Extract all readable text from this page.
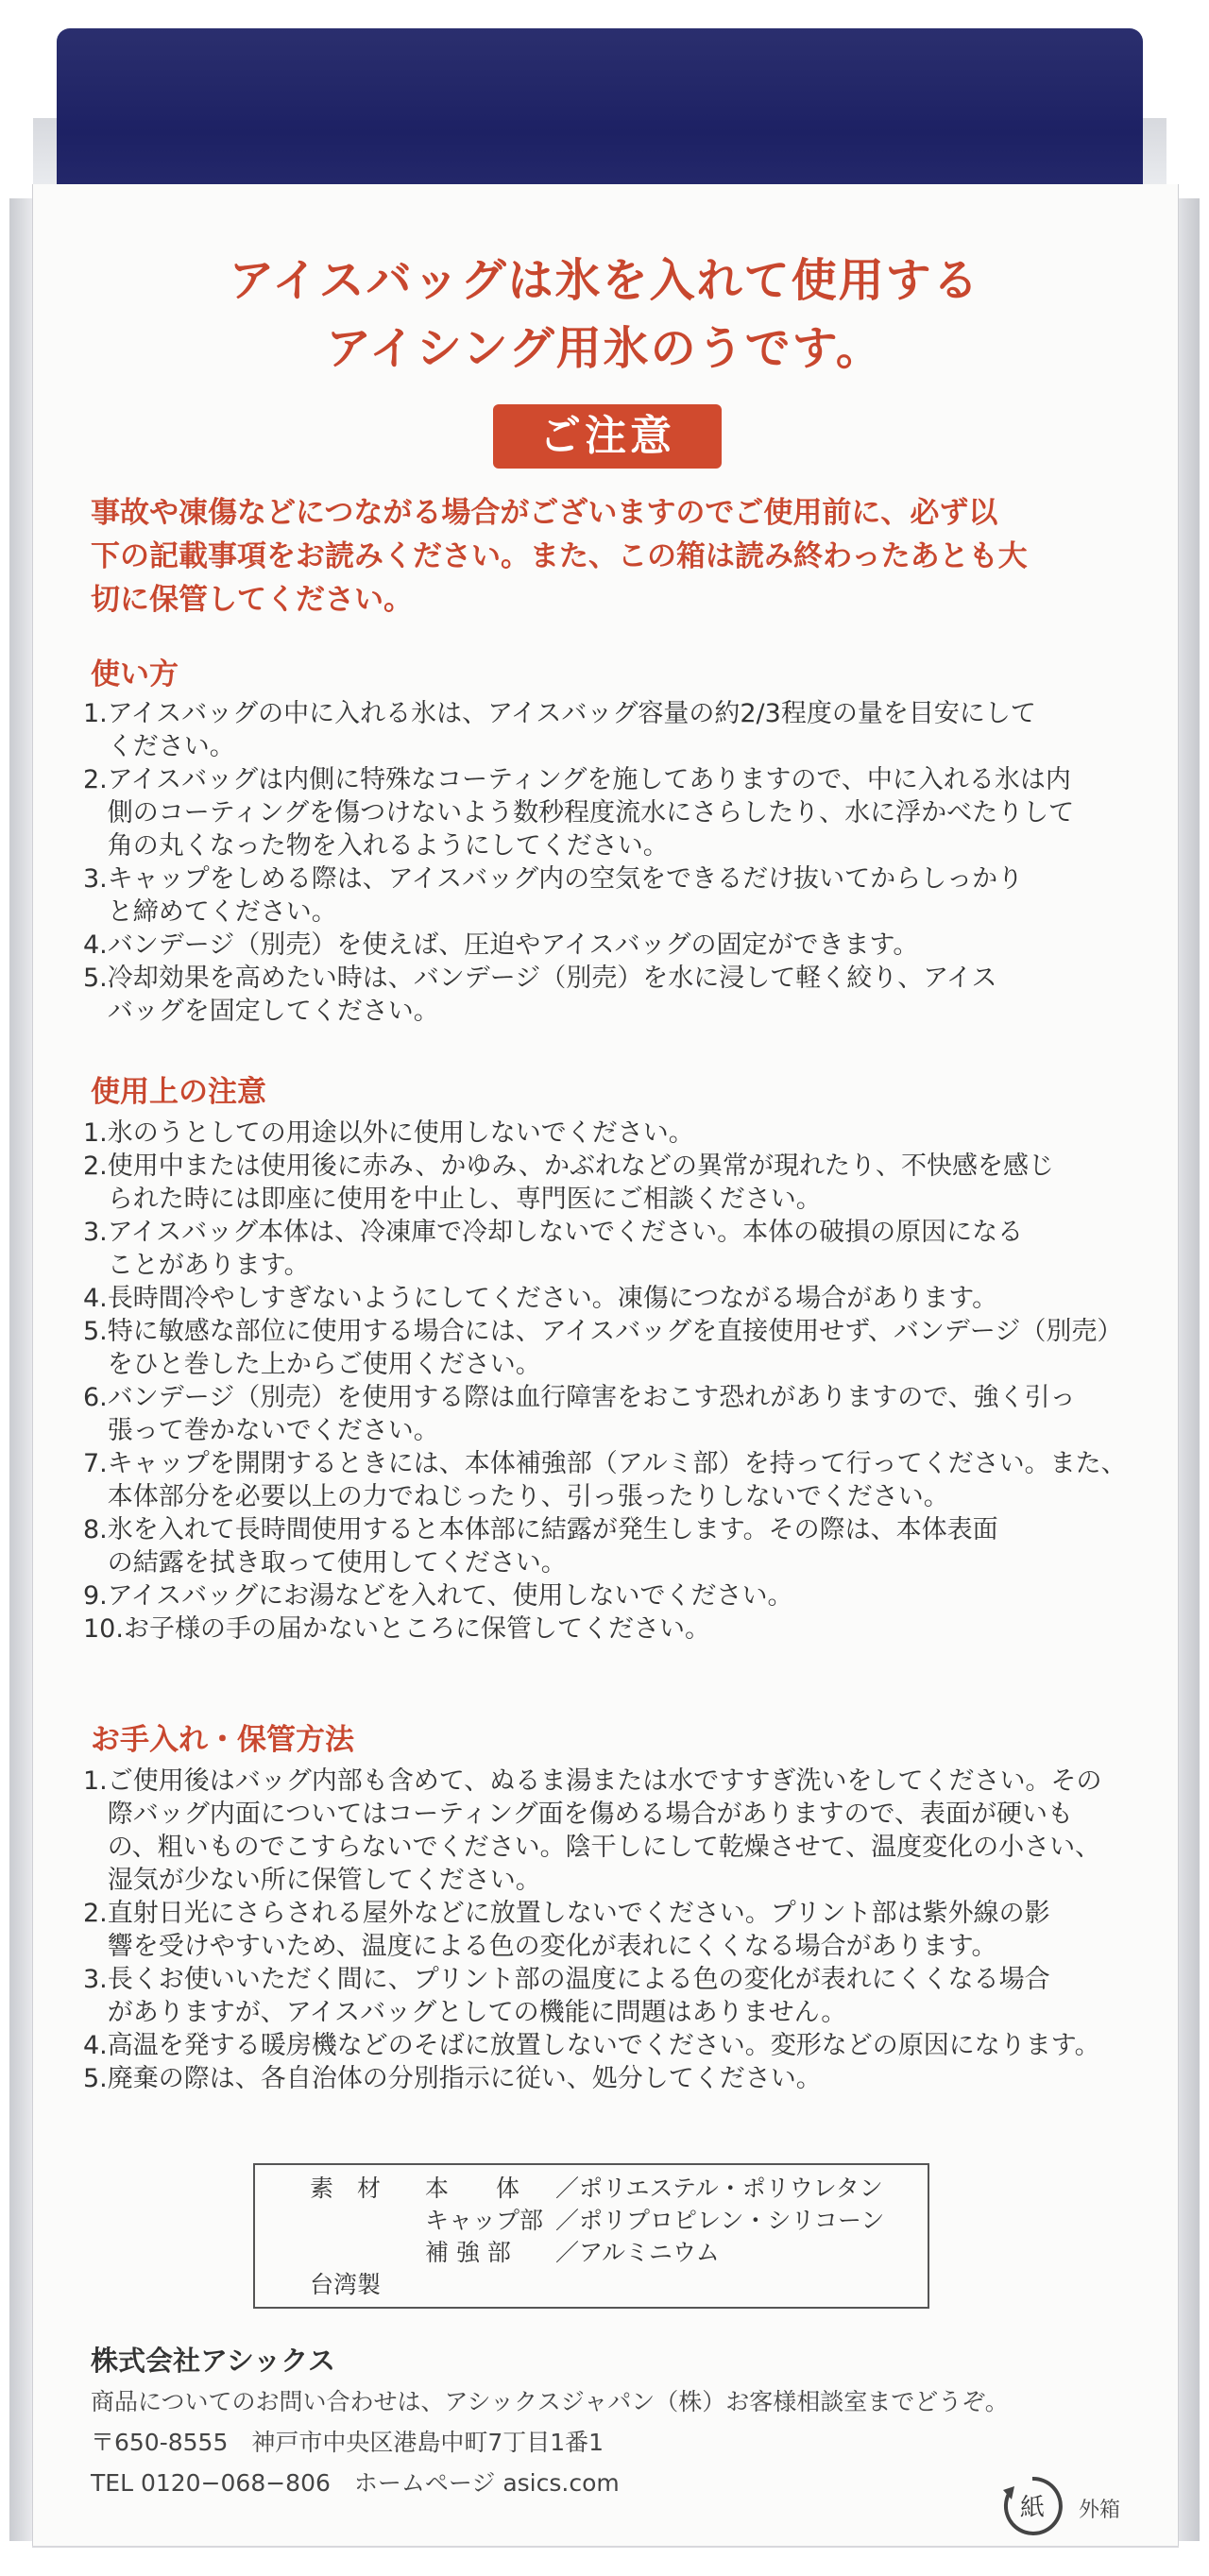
アイスバッグは氷を入れて使用する
アイシング用氷のうです。
ご注意
事故や凍傷などにつながる場合がございますのでご使用前に、必ず以
下の記載事項をお読みください。また、この箱は読み終わったあとも大
切に保管してください。
使い方
1. アイスバッグの中に入れる氷は、アイスバッグ容量の約2/3程度の量を目安にして
ください。
2. アイスバッグは内側に特殊なコーティングを施してありますので、中に入れる氷は内
側のコーティングを傷つけないよう数秒程度流水にさらしたり、水に浮かべたりして
角の丸くなった物を入れるようにしてください。
3. キャップをしめる際は、アイスバッグ内の空気をできるだけ抜いてからしっかり
と締めてください。
4. バンデージ（別売）を使えば、圧迫やアイスバッグの固定ができます。
5. 冷却効果を高めたい時は、バンデージ（別売）を水に浸して軽く絞り、アイス
バッグを固定してください。
使用上の注意
1. 氷のうとしての用途以外に使用しないでください。
2. 使用中または使用後に赤み、かゆみ、かぶれなどの異常が現れたり、不快感を感じ
られた時には即座に使用を中止し、専門医にご相談ください。
3. アイスバッグ本体は、冷凍庫で冷却しないでください。本体の破損の原因になる
ことがあります。
4. 長時間冷やしすぎないようにしてください。凍傷につながる場合があります。
5. 特に敏感な部位に使用する場合には、アイスバッグを直接使用せず、バンデージ（別売）
をひと巻した上からご使用ください。
6. バンデージ（別売）を使用する際は血行障害をおこす恐れがありますので、強く引っ
張って巻かないでください。
7. キャップを開閉するときには、本体補強部（アルミ部）を持って行ってください。また、
本体部分を必要以上の力でねじったり、引っ張ったりしないでください。
8. 氷を入れて長時間使用すると本体部に結露が発生します。その際は、本体表面
の結露を拭き取って使用してください。
9. アイスバッグにお湯などを入れて、使用しないでください。
10. お子様の手の届かないところに保管してください。
お手入れ・保管方法
1. ご使用後はバッグ内部も含めて、ぬるま湯または水ですすぎ洗いをしてください。その
際バッグ内面についてはコーティング面を傷める場合がありますので、表面が硬いも
の、粗いものでこすらないでください。陰干しにして乾燥させて、温度変化の小さい、
湿気が少ない所に保管してください。
2. 直射日光にさらされる屋外などに放置しないでください。プリント部は紫外線の影
響を受けやすいため、温度による色の変化が表れにくくなる場合があります。
3. 長くお使いいただく間に、プリント部の温度による色の変化が表れにくくなる場合
がありますが、アイスバッグとしての機能に問題はありません。
4. 高温を発する暖房機などのそばに放置しないでください。変形などの原因になります。
5. 廃棄の際は、各自治体の分別指示に従い、処分してください。
素　材 本　　体 ／ポリエステル・ポリウレタン
キャップ部 ／ポリプロピレン・シリコーン
補 強 部 ／アルミニウム
台湾製
株式会社アシックス
商品についてのお問い合わせは、アシックスジャパン（株）お客様相談室までどうぞ。
〒650-8555　神戸市中央区港島中町7丁目1番1
TEL 0120−068−806　ホームページ asics.com
紙 外箱
